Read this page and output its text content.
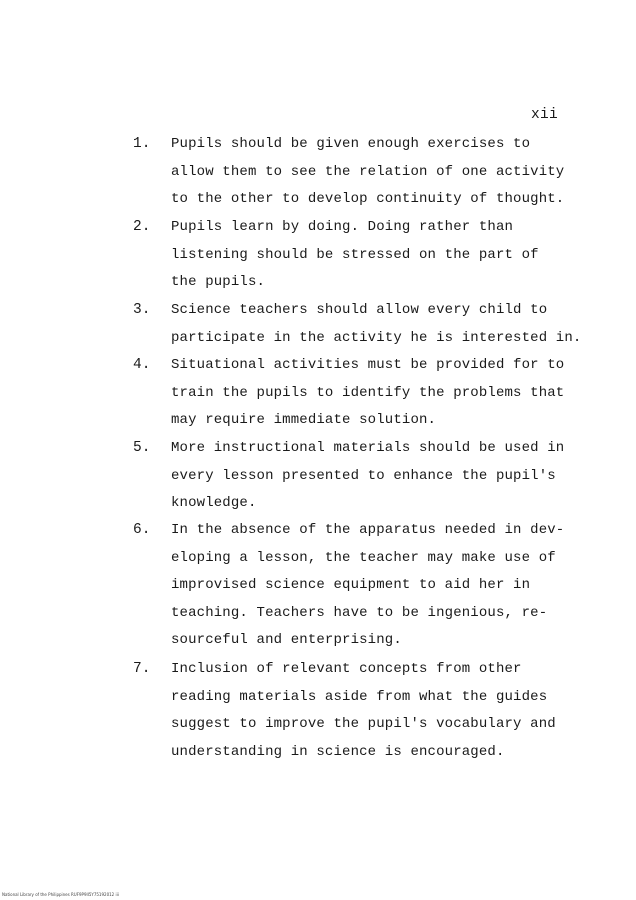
xii
1. Pupils should be given enough exercises to
allow them to see the relation of one activity
to the other to develop continuity of thought.
2. Pupils learn by doing. Doing rather than
listening should be stressed on the part of
the pupils.
3. Science teachers should allow every child to
participate in the activity he is interested in.
4. Situational activities must be provided for to
train the pupils to identify the problems that
may require immediate solution.
5. More instructional materials should be used in
every lesson presented to enhance the pupil's
knowledge.
6. In the absence of the apparatus needed in dev-
eloping a lesson, the teacher may make use of
improvised science equipment to aid her in
teaching. Teachers have to be ingenious, re-
sourceful and enterprising.
7. Inclusion of relevant concepts from other
reading materials aside from what the guides
suggest to improve the pupil's vocabulary and
understanding in science is encouraged.
National Library of the Philippines RUF9P9II5Y75192012 iii
